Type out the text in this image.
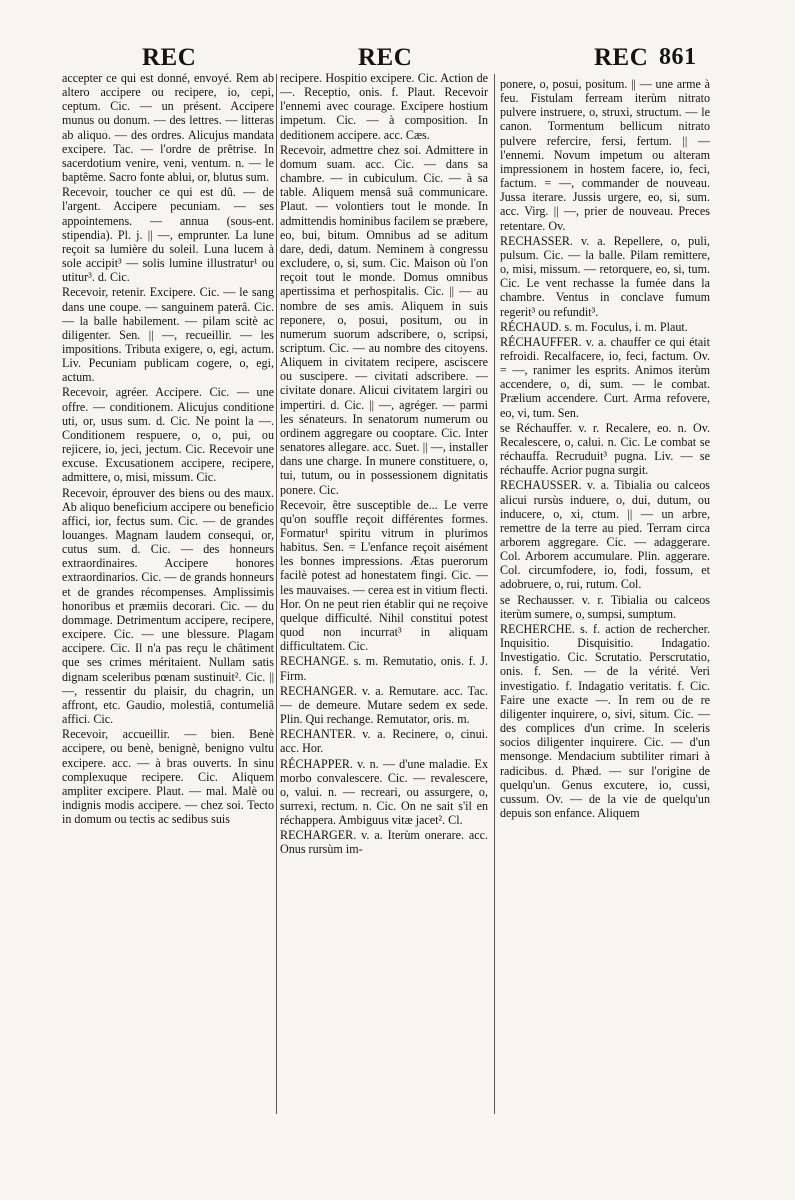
REC	REC	REC 861

accepter ce qui est donné, envoyé. Rem ab altero accipere ou recipere, io, cepi, ceptum. Cic. — un présent. Accipere munus ou donum. — des lettres. — litteras ab aliquo. — des ordres. Alicujus mandata excipere. Tac. — l'ordre de prêtrise. In sacerdotium venire, veni, ventum. n. — le baptême. Sacro fonte ablui, or, blutus sum.

Recevoir, toucher ce qui est dû. — de l'argent. Accipere pecuniam. — ses appointemens. — annua (sous-ent. stipendia). Pl. j. || —, emprunter. La lune reçoit sa lumière du soleil. Luna lucem à sole accipit³ — solis lumine illustratur¹ ou utitur³. d. Cic.

Recevoir, retenir. Excipere. Cic. — le sang dans une coupe. — sanguinem paterâ. Cic. — la balle habilement. — pilam scitè ac diligenter. Sen. || —, recueillir. — les impositions. Tributa exigere, o, egi, actum. Liv. Pecuniam publicam cogere, o, egi, actum.

Recevoir, agréer. Accipere. Cic. — une offre. — conditionem. Alicujus conditione uti, or, usus sum. d. Cic. Ne point la —. Conditionem respuere, o, o, pui, ou rejicere, io, jeci, jectum. Cic. Recevoir une excuse. Excusationem accipere, recipere, admittere, o, misi, missum. Cic.

Recevoir, éprouver des biens ou des maux. Ab aliquo beneficium accipere ou beneficio affici, ior, fectus sum. Cic. — de grandes louanges. Magnam laudem consequi, or, cutus sum. d. Cic. — des honneurs extraordinaires. Accipere honores extraordinarios. Cic. — de grands honneurs et de grandes récompenses. Amplissimis honoribus et præmiis decorari. Cic. — du dommage. Detrimentum accipere, recipere, excipere. Cic. — une blessure. Plagam accipere. Cic. Il n'a pas reçu le châtiment que ses crimes méritaient. Nullam satis dignam sceleribus pœnam sustinuit². Cic. || —, ressentir du plaisir, du chagrin, un affront, etc. Gaudio, molestiâ, contumeliâ affici. Cic.

Recevoir, accueillir. — bien. Benè accipere, ou benè, benignè, benigno vultu excipere. acc. — à bras ouverts. In sinu complexuque recipere. Cic. Aliquem ampliter excipere. Plaut. — mal. Malè ou indignis modis accipere. — chez soi. Tecto in domum ou tectis ac sedibus suis

recipere. Hospitio excipere. Cic. Action de —. Receptio, onis. f. Plaut. Recevoir l'ennemi avec courage. Excipere hostium impetum. Cic. — à composition. In deditionem accipere. acc. Cæs.

Recevoir, admettre chez soi. Admittere in domum suam. acc. Cic. — dans sa chambre. — in cubiculum. Cic. — à sa table. Aliquem mensâ suâ communicare. Plaut. — volontiers tout le monde. In admittendis hominibus facilem se præbere, eo, bui, bitum. Omnibus ad se aditum dare, dedi, datum. Neminem à congressu excludere, o, si, sum. Cic. Maison où l'on reçoit tout le monde. Domus omnibus apertissima et perhospitalis. Cic. || — au nombre de ses amis. Aliquem in suis reponere, o, posui, positum, ou in numerum suorum adscribere, o, scripsi, scriptum. Cic. — au nombre des citoyens. Aliquem in civitatem recipere, asciscere ou suscipere. — civitati adscribere. — civitate donare. Alicui civitatem largiri ou impertiri. d. Cic. || —, agréger. — parmi les sénateurs. In senatorum numerum ou ordinem aggregare ou cooptare. Cic. Inter senatores allegare. acc. Suet. || —, installer dans une charge. In munere constituere, o, tui, tutum, ou in possessionem dignitatis ponere. Cic.

Recevoir, être susceptible de... Le verre qu'on souffle reçoit différentes formes. Formatur¹ spiritu vitrum in plurimos habitus. Sen. = L'enfance reçoit aisément les bonnes impressions. Ætas puerorum facilè potest ad honestatem fingi. Cic. — les mauvaises. — cerea est in vitium flecti. Hor. On ne peut rien établir qui ne reçoive quelque difficulté. Nihil constitui potest quod non incurrat³ in aliquam difficultatem. Cic.

RECHANGE. s. m. Remutatio, onis. f. J. Firm.

RECHANGER. v. a. Remutare. acc. Tac. — de demeure. Mutare sedem ex sede. Plin. Qui rechange. Remutator, oris. m.

RECHANTER. v. a. Recinere, o, cinui. acc. Hor.

RÉCHAPPER. v. n. — d'une maladie. Ex morbo convalescere. Cic. — revalescere, o, valui. n. — recreari, ou assurgere, o, surrexi, rectum. n. Cic. On ne sait s'il en réchappera. Ambiguus vitæ jacet². Cl.

RECHARGER. v. a. Iterùm onerare. acc. Onus rursùm im-

ponere, o, posui, positum. || — une arme à feu. Fistulam ferream iterùm nitrato pulvere instruere, o, struxi, structum. — le canon. Tormentum bellicum nitrato pulvere refercire, fersi, fertum. || — l'ennemi. Novum impetum ou alteram impressionem in hostem facere, io, feci, factum. = —, commander de nouveau. Jussa iterare. Jussis urgere, eo, si, sum. acc. Virg. || —, prier de nouveau. Preces retentare. Ov.

RECHASSER. v. a. Repellere, o, puli, pulsum. Cic. — la balle. Pilam remittere, o, misi, missum. — retorquere, eo, si, tum. Cic. Le vent rechasse la fumée dans la chambre. Ventus in conclave fumum regerit³ ou refundit³.

RÉCHAUD. s. m. Foculus, i. m. Plaut.

RÉCHAUFFER. v. a. chauffer ce qui était refroidi. Recalfacere, io, feci, factum. Ov. = —, ranimer les esprits. Animos iterùm accendere, o, di, sum. — le combat. Prælium accendere. Curt. Arma refovere, eo, vi, tum. Sen.

se Réchauffer. v. r. Recalere, eo. n. Ov. Recalescere, o, calui. n. Cic. Le combat se réchauffa. Recruduit³ pugna. Liv. — se réchauffe. Acrior pugna surgit.

RECHAUSSER. v. a. Tibialia ou calceos alicui rursùs induere, o, dui, dutum, ou inducere, o, xi, ctum. || — un arbre, remettre de la terre au pied. Terram circa arborem aggregare. Cic. — adaggerare. Col. Arborem accumulare. Plin. aggerare. Col. circumfodere, io, fodi, fossum, et adobruere, o, rui, rutum. Col.

se Rechausser. v. r. Tibialia ou calceos iterùm sumere, o, sumpsi, sumptum.

RECHERCHE. s. f. action de rechercher. Inquisitio. Disquisitio. Indagatio. Investigatio. Cic. Scrutatio. Perscrutatio, onis. f. Sen. — de la vérité. Veri investigatio. f. Indagatio veritatis. f. Cic. Faire une exacte —. In rem ou de re diligenter inquirere, o, sivi, situm. Cic. — des complices d'un crime. In sceleris socios diligenter inquirere. Cic. — d'un mensonge. Mendacium subtiliter rimari à radicibus. d. Phæd. — sur l'origine de quelqu'un. Genus excutere, io, cussi, cussum. Ov. — de la vie de quelqu'un depuis son enfance. Aliquem
